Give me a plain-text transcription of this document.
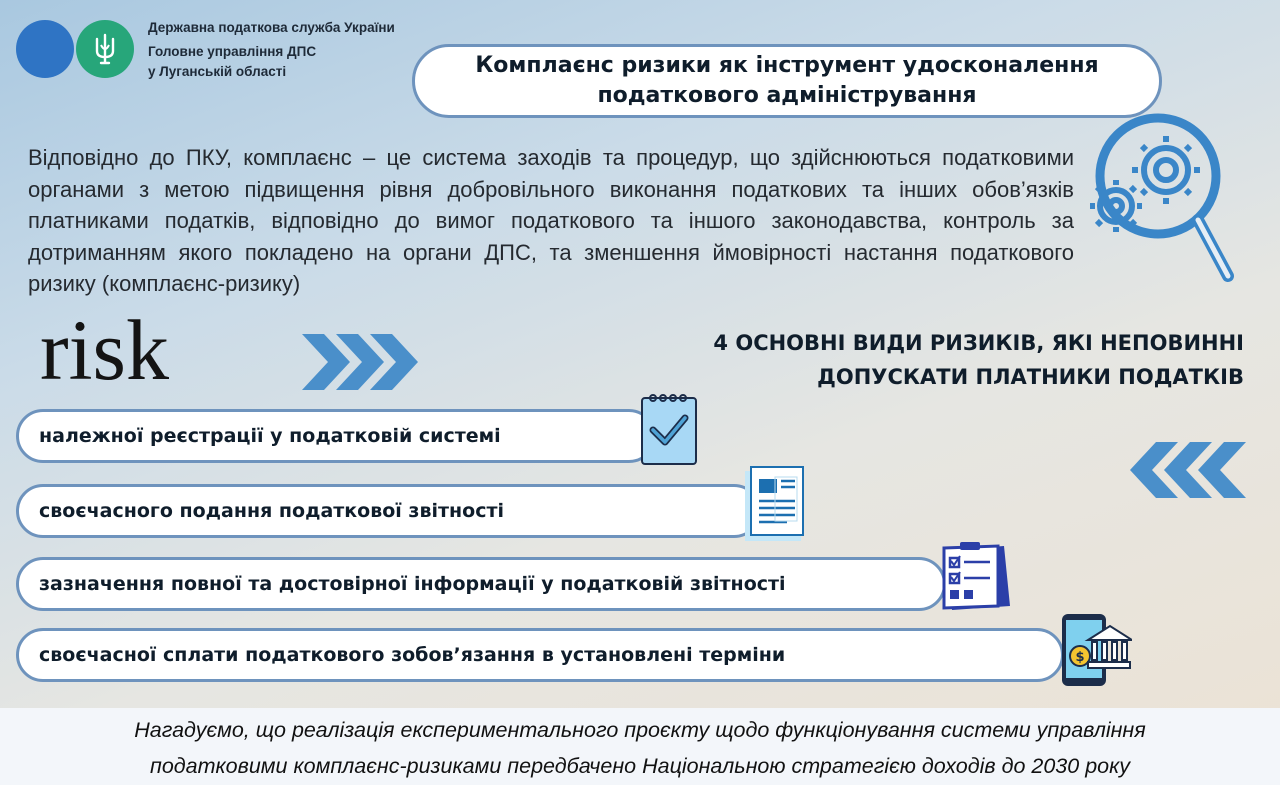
Державна податкова служба України
Головне управління ДПС
у Луганській області	Комплаєнс ризики як інструмент удосконалення
податкового адміністрування
Відповідно до ПКУ, комплаєнс – це система заходів та процедур, що здійснюються податковими органами з метою підвищення рівня добровільного виконання податкових та інших обов’язків платниками податків, відповідно до вимог податкового та іншого законодавства, контроль за дотриманням якого покладено на органи ДПС, та зменшення ймовірності настання податкового ризику (комплаєнс-ризику)
risk	4 ОСНОВНІ ВИДИ РИЗИКІВ, ЯКІ НЕПОВИННІ
ДОПУСКАТИ ПЛАТНИКИ ПОДАТКІВ
належної реєстрації у податковій системі
своєчасного подання податкової звітності
зазначення повної та достовірної інформації у податковій звітності
своєчасної сплати податкового зобов’язання в установлені терміни	$
Нагадуємо, що реалізація експериментального проєкту щодо функціонування системи управління
податковими комплаєнс-ризиками передбачено Національною стратегією доходів до 2030 року
